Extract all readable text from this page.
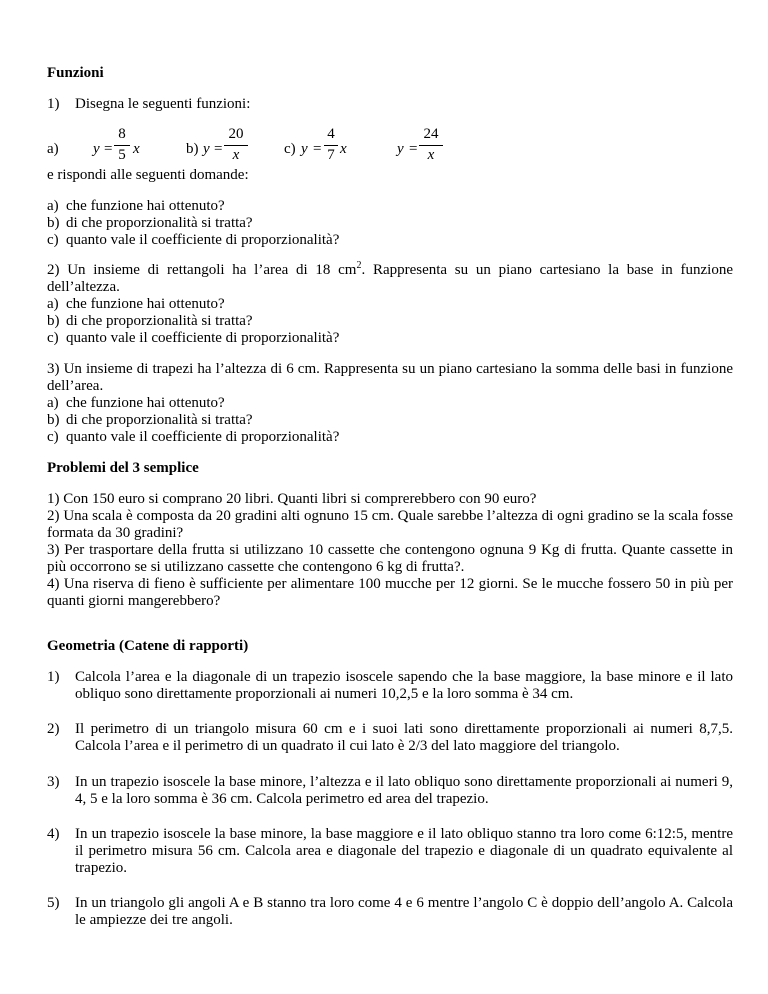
Funzioni
1) Disegna le seguenti funzioni:
a) y =
8
5 x	b) y =
20
x	c) y =
4
7 x	y =
24
x
e rispondi alle seguenti domande:
a) che funzione hai ottenuto?
b) di che proporzionalità si tratta?
c) quanto vale il coefficiente di proporzionalità?
2) Un insieme di rettangoli ha l’area di 18 $cm^2$. Rappresenta su un piano cartesiano la base in funzione dell’altezza.
a) che funzione hai ottenuto?
b) di che proporzionalità si tratta?
c) quanto vale il coefficiente di proporzionalità?
3) Un insieme di trapezi ha l’altezza di 6 cm. Rappresenta su un piano cartesiano la somma delle basi in funzione dell’area.
a) che funzione hai ottenuto?
b) di che proporzionalità si tratta?
c) quanto vale il coefficiente di proporzionalità?
Problemi del 3 semplice
1) Con 150 euro si comprano 20 libri. Quanti libri si comprerebbero con 90 euro?
2) Una scala è composta da 20 gradini alti ognuno 15 cm. Quale sarebbe l’altezza di ogni gradino se la scala fosse formata da 30 gradini?
3) Per trasportare della frutta si utilizzano 10 cassette che contengono ognuna 9 Kg di frutta. Quante cassette in più occorrono se si utilizzano cassette che contengono 6 kg di frutta?.
4) Una riserva di fieno è sufficiente per alimentare 100 mucche per 12 giorni. Se le mucche fossero 50 in più per quanti giorni mangerebbero?
Geometria (Catene di rapporti)
1) Calcola l’area e la diagonale di un trapezio isoscele sapendo che la base maggiore, la base minore e il lato obliquo sono direttamente proporzionali ai numeri 10,2,5 e la loro somma è 34 cm.
2) Il perimetro di un triangolo misura 60 cm e i suoi lati sono direttamente proporzionali ai numeri 8,7,5. Calcola l’area e il perimetro di un quadrato il cui lato è 2/3 del lato maggiore del triangolo.
3) In un trapezio isoscele la base minore, l’altezza e il lato obliquo sono direttamente proporzionali ai numeri 9, 4, 5 e la loro somma è 36 cm. Calcola perimetro ed area del trapezio.
4) In un trapezio isoscele la base minore, la base maggiore e il lato obliquo stanno tra loro come 6:12:5, mentre il perimetro misura 56 cm. Calcola area e diagonale del trapezio e diagonale di un quadrato equivalente al trapezio.
5) In un triangolo gli angoli A e B stanno tra loro come 4 e 6 mentre l’angolo C è doppio dell’angolo A. Calcola le ampiezze dei tre angoli.
